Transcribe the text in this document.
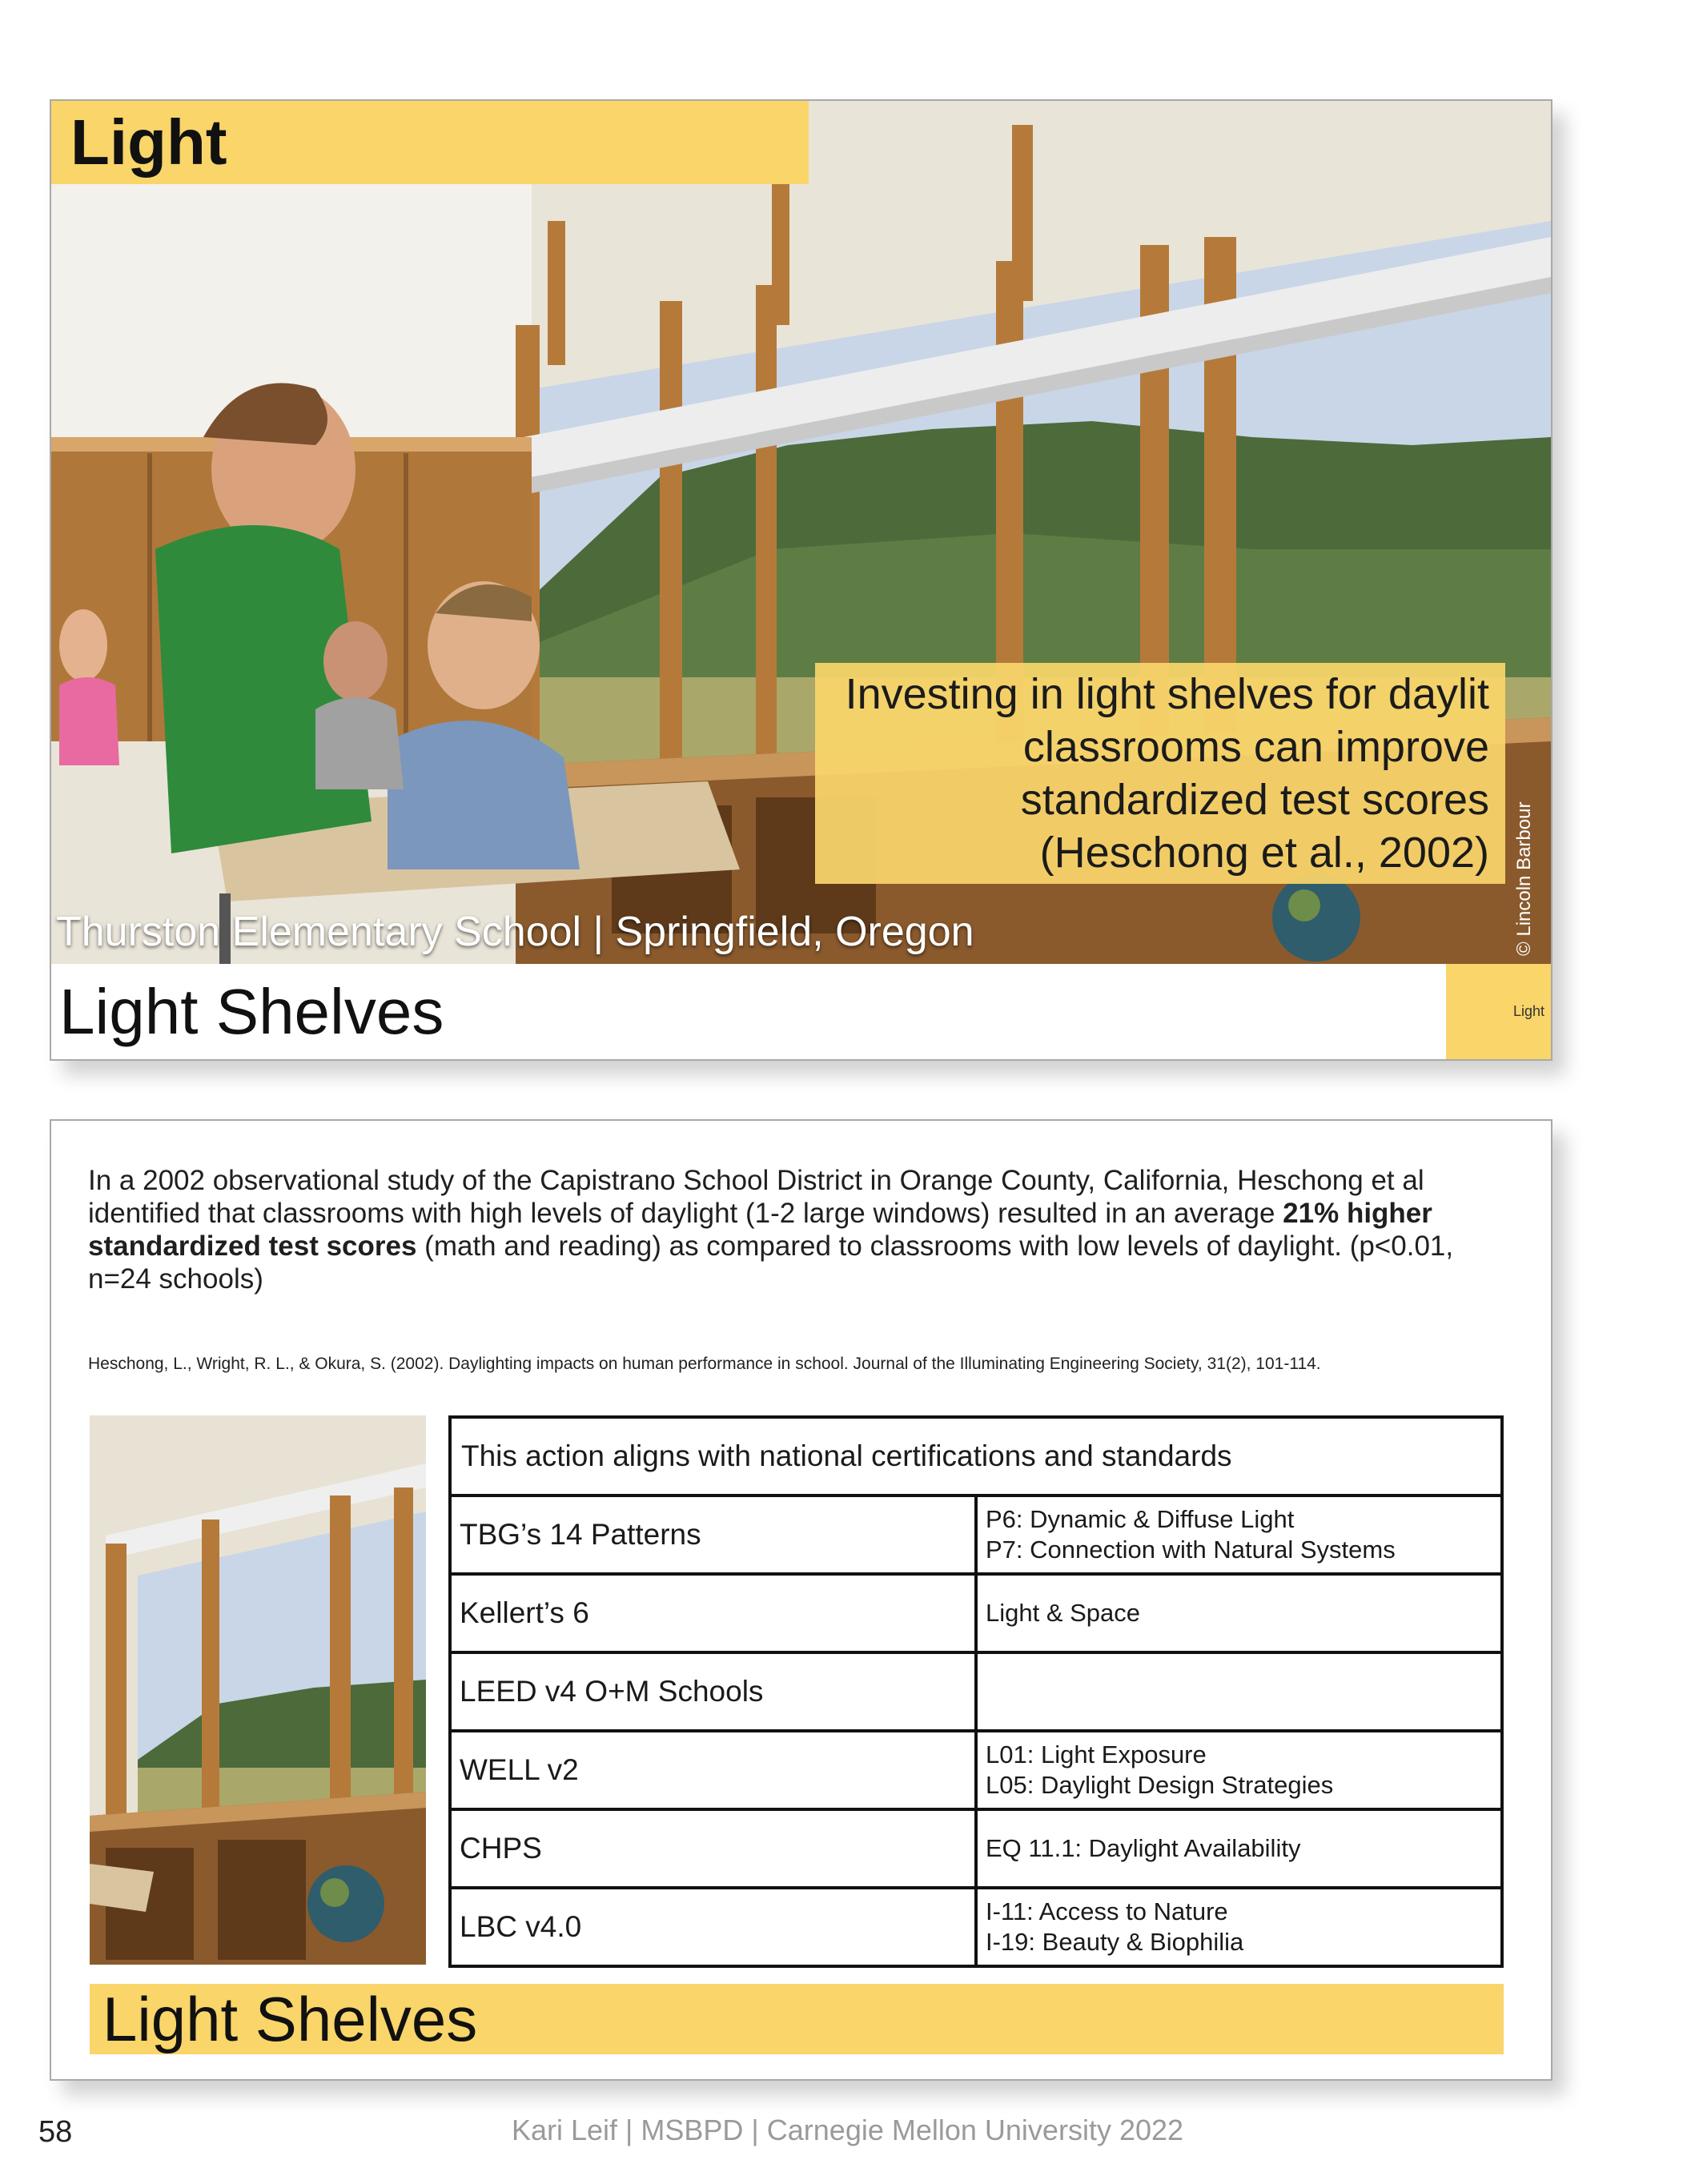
Light
Investing in light shelves for daylit classrooms can improve standardized test scores (Heschong et al., 2002)
Thurston Elementary School | Springfield, Oregon	© Lincoln Barbour
Light Shelves	Light

In a 2002 observational study of the Capistrano School District in Orange County, California, Heschong et al identified that classrooms with high levels of daylight (1-2 large windows) resulted in an average 21% higher standardized test scores (math and reading) as compared to classrooms with low levels of daylight. (p<0.01, n=24 schools)

Heschong, L., Wright, R. L., & Okura, S. (2002). Daylighting impacts on human performance in school. Journal of the Illuminating Engineering Society, 31(2), 101-114.

This action aligns with national certifications and standards	
TBG’s 14 Patterns	P6: Dynamic & Diffuse Light
P7: Connection with Natural Systems
Kellert’s 6	Light & Space
LEED v4 O+M Schools	
WELL v2	L01: Light Exposure
L05: Daylight Design Strategies
CHPS	EQ 11.1: Daylight Availability
LBC v4.0	I-11: Access to Nature
I-19: Beauty & Biophilia
Light Shelves
Kari Leif | MSBPD | Carnegie Mellon University 2022
58
